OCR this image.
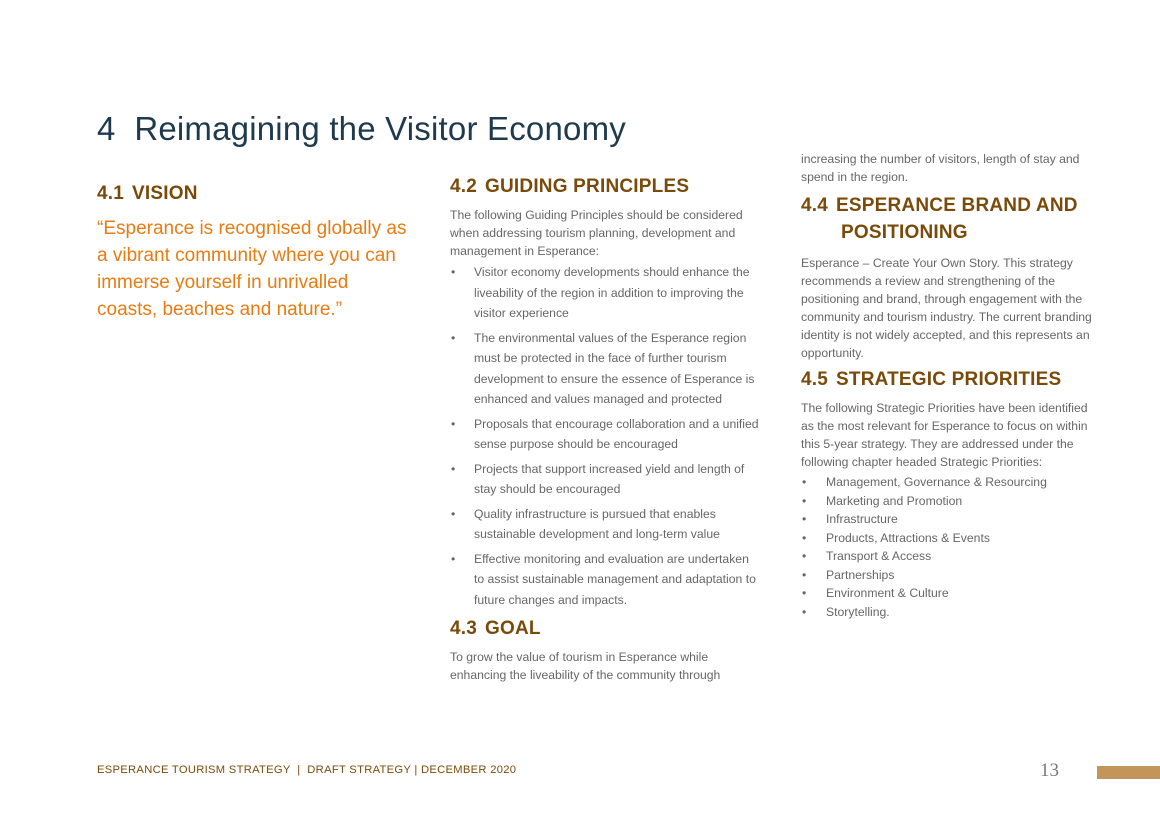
4 Reimagining the Visitor Economy
4.1 VISION

“Esperance is recognised globally as a vibrant community where you can immerse yourself in unrivalled coasts, beaches and nature.”

4.2 GUIDING PRINCIPLES

The following Guiding Principles should be considered when addressing tourism planning, development and management in Esperance:

• Visitor economy developments should enhance the liveability of the region in addition to improving the visitor experience
• The environmental values of the Esperance region must be protected in the face of further tourism development to ensure the essence of Esperance is enhanced and values managed and protected
• Proposals that encourage collaboration and a unified sense purpose should be encouraged
• Projects that support increased yield and length of stay should be encouraged
• Quality infrastructure is pursued that enables sustainable development and long-term value
• Effective monitoring and evaluation are undertaken to assist sustainable management and adaptation to future changes and impacts.
4.3 GOAL

To grow the value of tourism in Esperance while enhancing the liveability of the community through

increasing the number of visitors, length of stay and spend in the region.

4.4 ESPERANCE BRAND AND
POSITIONING

Esperance – Create Your Own Story. This strategy recommends a review and strengthening of the positioning and brand, through engagement with the community and tourism industry. The current branding identity is not widely accepted, and this represents an opportunity.

4.5 STRATEGIC PRIORITIES

The following Strategic Priorities have been identified as the most relevant for Esperance to focus on within this 5-year strategy. They are addressed under the following chapter headed Strategic Priorities:

• Management, Governance & Resourcing
• Marketing and Promotion
• Infrastructure
• Products, Attractions & Events
• Transport & Access
• Partnerships
• Environment & Culture
• Storytelling.
ESPERANCE TOURISM STRATEGY  |  DRAFT STRATEGY | DECEMBER 2020	13
